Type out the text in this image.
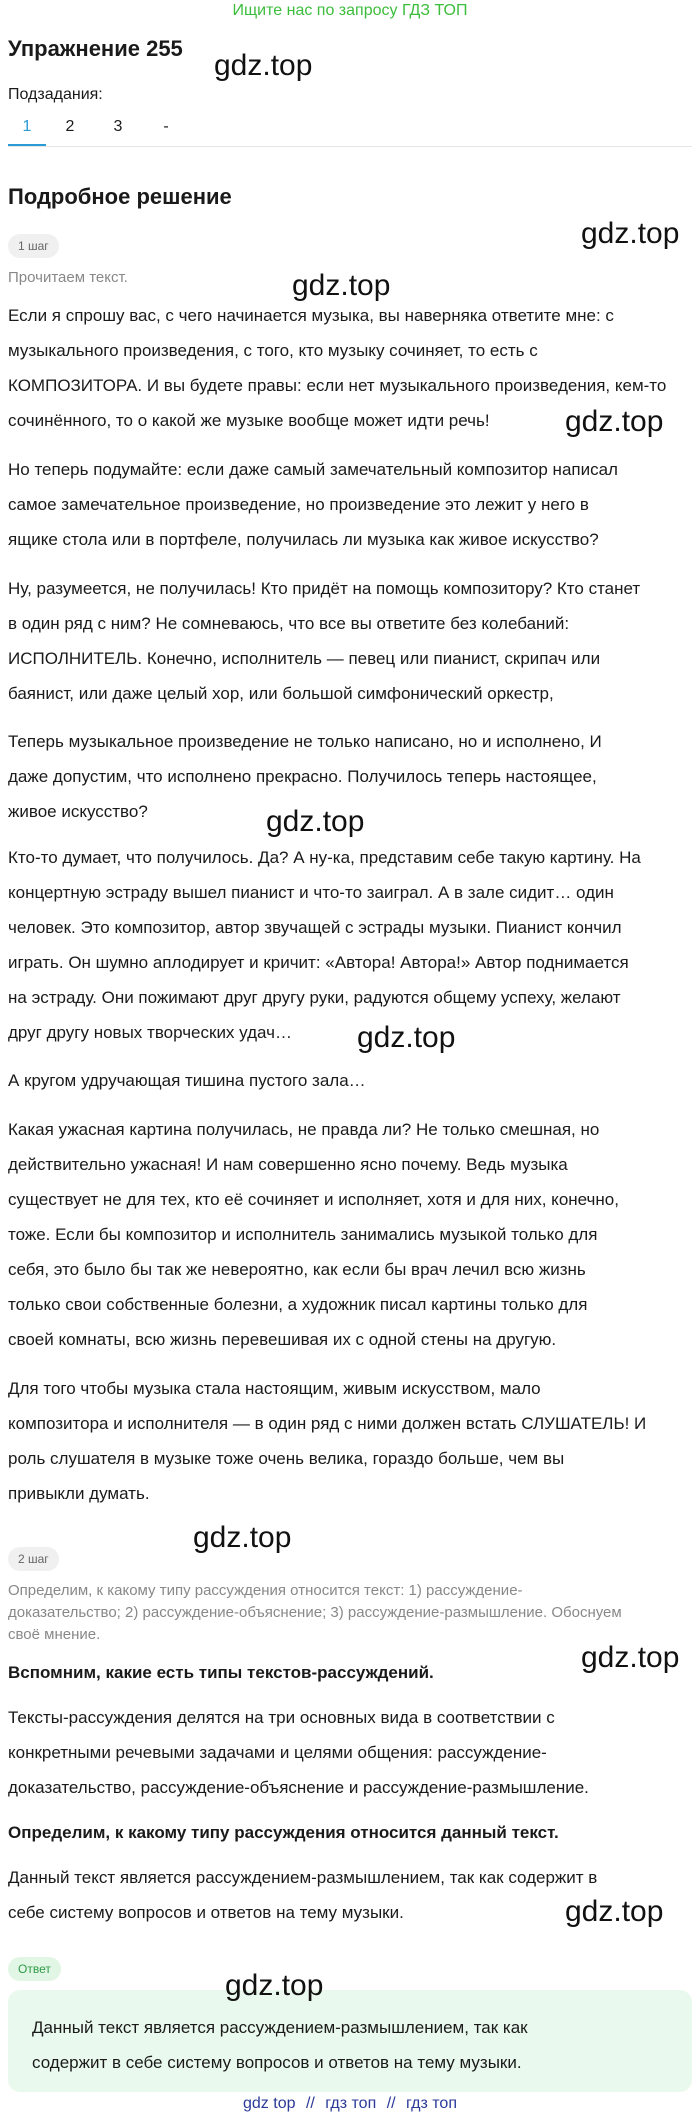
Ищите нас по запросу ГДЗ ТОП
Упражнение 255
Подзадания:
1	2	3	-
Подробное решение
1 шаг
Прочитаем текст.
Если я спрошу вас, с чего начинается музыка, вы наверняка ответите мне: с
музыкального произведения, с того, кто музыку сочиняет, то есть с
КОМПОЗИТОРА. И вы будете правы: если нет музыкального произведения, кем-то
сочинённого, то о какой же музыке вообще может идти речь!
Но теперь подумайте: если даже самый замечательный композитор написал
самое замечательное произведение, но произведение это лежит у него в
ящике стола или в портфеле, получилась ли музыка как живое искусство?
Ну, разумеется, не получилась! Кто придёт на помощь композитору? Кто станет
в один ряд с ним? Не сомневаюсь, что все вы ответите без колебаний:
ИСПОЛНИТЕЛЬ. Конечно, исполнитель — певец или пианист, скрипач или
баянист, или даже целый хор, или большой симфонический оркестр,
Теперь музыкальное произведение не только написано, но и исполнено, И
даже допустим, что исполнено прекрасно. Получилось теперь настоящее,
живое искусство?
Кто-то думает, что получилось. Да? А ну-ка, представим себе такую картину. На
концертную эстраду вышел пианист и что-то заиграл. А в зале сидит… один
человек. Это композитор, автор звучащей с эстрады музыки. Пианист кончил
играть. Он шумно аплодирует и кричит: «Автора! Автора!» Автор поднимается
на эстраду. Они пожимают друг другу руки, радуются общему успеху, желают
друг другу новых творческих удач…
А кругом удручающая тишина пустого зала…
Какая ужасная картина получилась, не правда ли? Не только смешная, но
действительно ужасная! И нам совершенно ясно почему. Ведь музыка
существует не для тех, кто её сочиняет и исполняет, хотя и для них, конечно,
тоже. Если бы композитор и исполнитель занимались музыкой только для
себя, это было бы так же невероятно, как если бы врач лечил всю жизнь
только свои собственные болезни, а художник писал картины только для
своей комнаты, всю жизнь перевешивая их с одной стены на другую.
Для того чтобы музыка стала настоящим, живым искусством, мало
композитора и исполнителя — в один ряд с ними должен встать СЛУШАТЕЛЬ! И
роль слушателя в музыке тоже очень велика, гораздо больше, чем вы
привыкли думать.
2 шаг
Определим, к какому типу рассуждения относится текст: 1) рассуждение-
доказательство; 2) рассуждение-объяснение; 3) рассуждение-размышление. Обоснуем
своё мнение.
Вспомним, какие есть типы текстов-рассуждений.
Тексты-рассуждения делятся на три основных вида в соответствии с
конкретными речевыми задачами и целями общения: рассуждение-
доказательство, рассуждение-объяснение и рассуждение-размышление.
Определим, к какому типу рассуждения относится данный текст.
Данный текст является рассуждением-размышлением, так как содержит в
себе систему вопросов и ответов на тему музыки.
Ответ
Данный текст является рассуждением-размышлением, так как
содержит в себе систему вопросов и ответов на тему музыки.
gdz.top
gdz.top
gdz.top
gdz.top
gdz.top
gdz.top
gdz.top
gdz.top
gdz.top
gdz.top
gdz top // гдз топ // гдз топ
